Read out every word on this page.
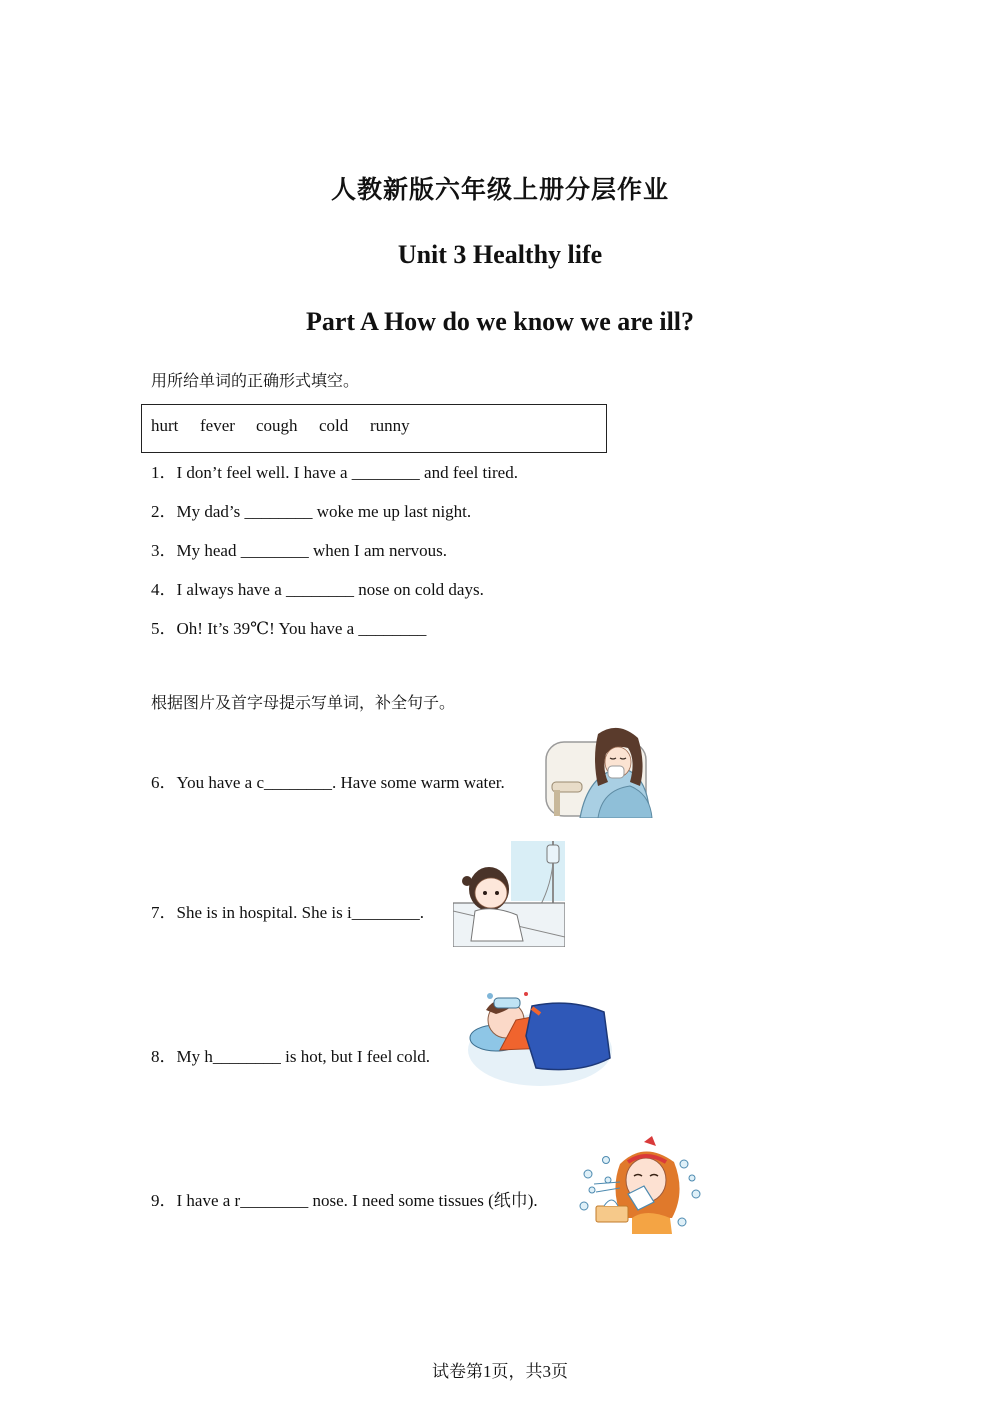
人教新版六年级上册分层作业
Unit 3 Healthy life
Part A How do we know we are ill?
用所给单词的正确形式填空。
hurt fever cough cold runny
1．I don’t feel well. I have a ________ and feel tired.
2．My dad’s ________ woke me up last night.
3．My head ________ when I am nervous.
4．I always have a ________ nose on cold days.
5．Oh! It’s 39℃! You have a ________
根据图片及首字母提示写单词，补全句子。
6．You have a c________. Have some warm water.
7．She is in hospital. She is i________.
8．My h________ is hot, but I feel cold.
9．I have a r________ nose. I need some tissues (纸巾).
试卷第1页，共3页
